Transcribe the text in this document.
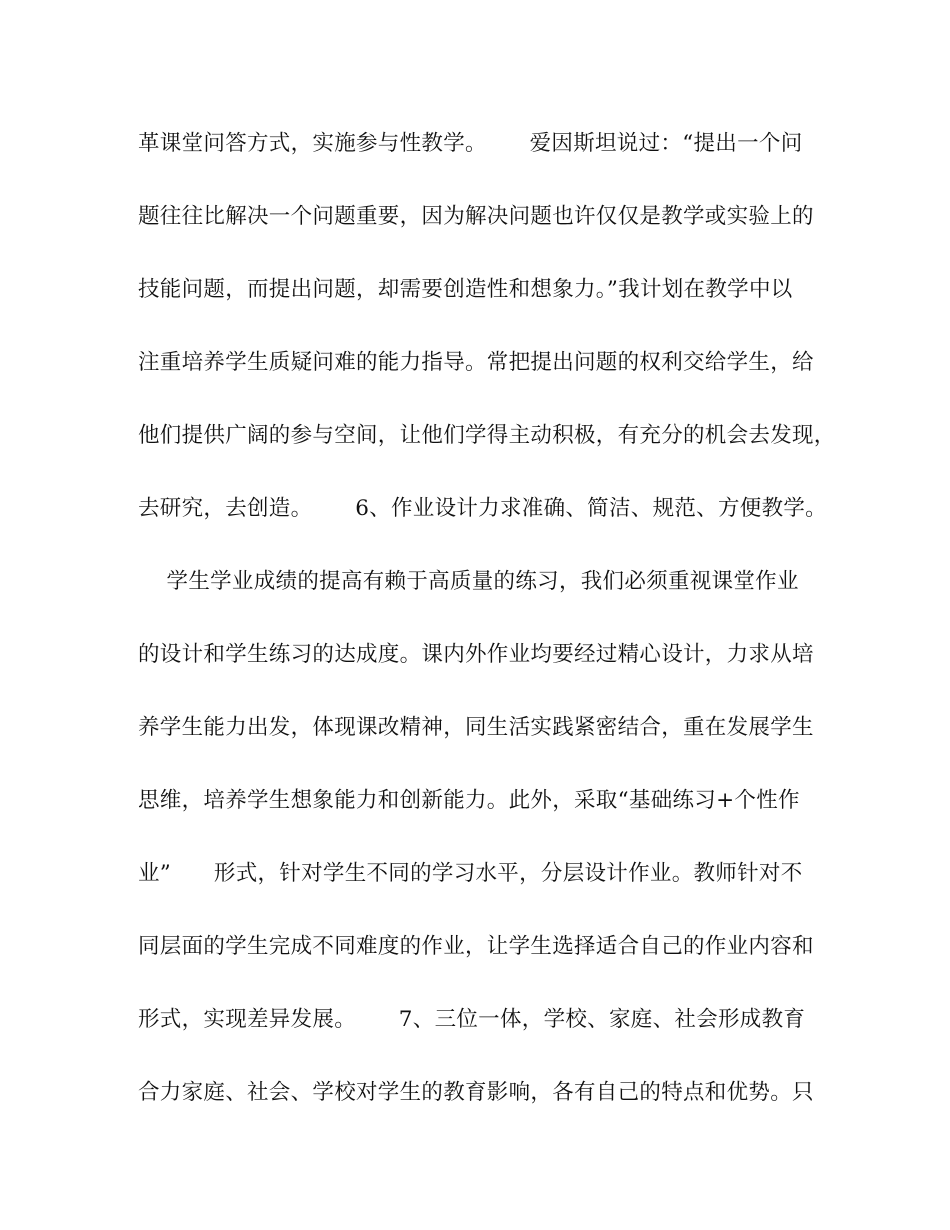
革课堂问答方式，实施参与性教学。      爱因斯坦说过：“提出一个问
题往往比解决一个问题重要，因为解决问题也许仅仅是教学或实验上的
技能问题，而提出问题，却需要创造性和想象力。”我计划在教学中以
注重培养学生质疑问难的能力指导。常把提出问题的权利交给学生，给
他们提供广阔的参与空间，让他们学得主动积极，有充分的机会去发现，
去研究，去创造。      6、作业设计力求准确、简洁、规范、方便教学。
学生学业成绩的提高有赖于高质量的练习，我们必须重视课堂作业
的设计和学生练习的达成度。课内外作业均要经过精心设计，力求从培
养学生能力出发，体现课改精神，同生活实践紧密结合，重在发展学生
思维，培养学生想象能力和创新能力。此外，采取“基础练习+个性作
业”      形式，针对学生不同的学习水平，分层设计作业。教师针对不
同层面的学生完成不同难度的作业，让学生选择适合自己的作业内容和
形式，实现差异发展。      7、三位一体，学校、家庭、社会形成教育
合力家庭、社会、学校对学生的教育影响，各有自己的特点和优势。只
